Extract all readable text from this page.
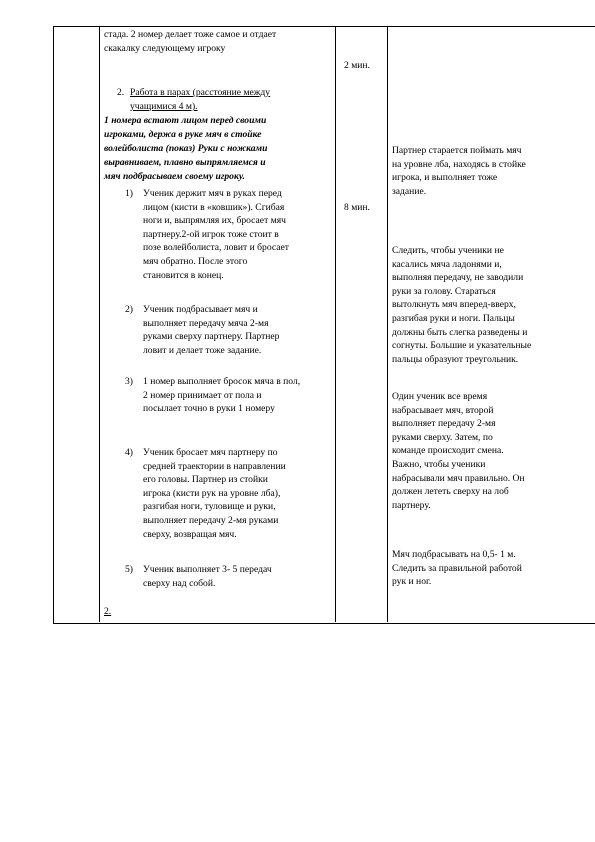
стада. 2 номер делает тоже самое и отдает
скакалку следующему игроку
2 мин.
8 мин.
2. Работа в парах (расстояние между
учащимися 4 м).
1 номера встают лицом перед своими
игроками, держа в руке мяч в стойке
волейболиста (показ) Руки с ножками
выравниваем, плавно выпрямляемся и
мяч подбрасываем своему игроку.
1) Ученик держит мяч в руках перед
лицом (кисти в «ковшик»). Сгибая
ноги и, выпрямляя их, бросает мяч
партнеру.2-ой игрок тоже стоит в
позе волейболиста, ловит и бросает
мяч обратно. После этого
становится в конец.
2) Ученик подбрасывает мяч и
выполняет передачу мяча 2-мя
руками сверху партнеру. Партнер
ловит и делает тоже задание.
3) 1 номер выполняет бросок мяча в пол,
2 номер принимает от пола и
посылает точно в руки 1 номеру
4) Ученик бросает мяч партнеру по
средней траектории в направлении
его головы. Партнер из стойки
игрока (кисти рук на уровне лба),
разгибая ноги, туловище и руки,
выполняет передачу 2-мя руками
сверху, возвращая мяч.
5) Ученик выполняет 3- 5 передач
сверху над собой.
2.
Партнер старается поймать мяч
на уровне лба, находясь в стойке
игрока, и выполняет тоже
задание.
Следить, чтобы ученики не
касались мяча ладонями и,
выполняя передачу, не заводили
руки за голову. Стараться
вытолкнуть мяч вперед-вверх,
разгибая руки и ноги. Пальцы
должны быть слегка разведены и
согнуты. Большие и указательные
пальцы образуют треугольник.
Один ученик все время
набрасывает мяч, второй
выполняет передачу 2-мя
руками сверху. Затем, по
команде происходит смена.
Важно, чтобы ученики
набрасывали мяч правильно. Он
должен лететь сверху на лоб
партнеру.
Мяч подбрасывать на 0,5- 1 м.
Следить за правильной работой
рук и ног.
